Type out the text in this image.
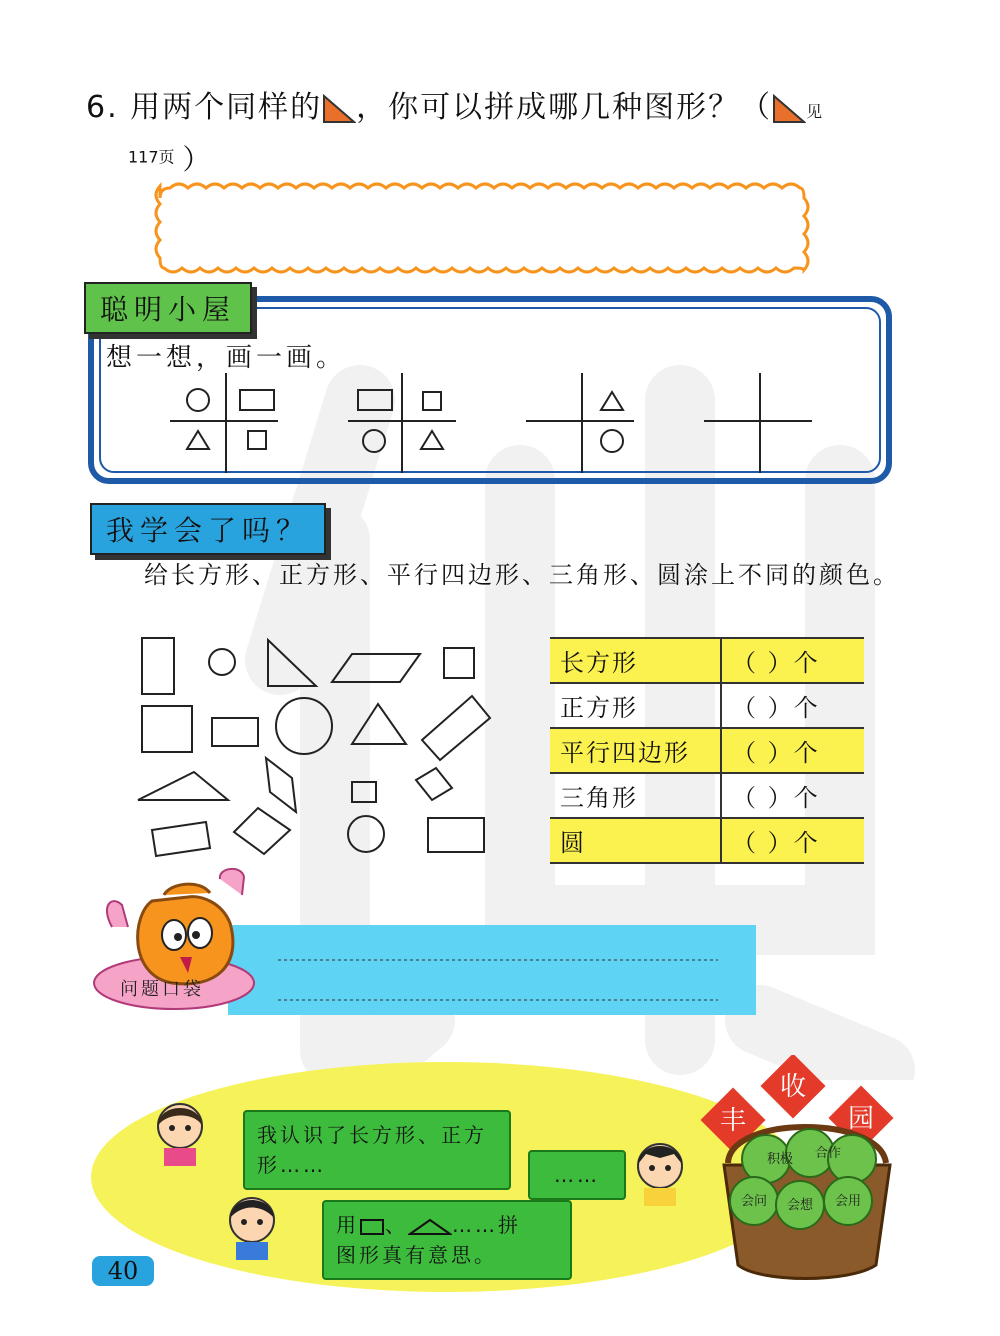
6. 用两个同样的 ，你可以拼成哪几种图形？（ 见
117页 ）
聪明小屋
想一想，画一画。
我学会了吗？
给长方形、正方形、平行四边形、三角形、圆涂上不同的颜色。
长方形	（ ）个
正方形	（ ）个
平行四边形	（ ）个
三角形	（ ）个
圆	（ ）个
问题口袋
我认识了长方形、正方形……	……
用 、 ……拼
图形真有意思。
丰
收
园
积极 合作
会问 会想 会用
40
